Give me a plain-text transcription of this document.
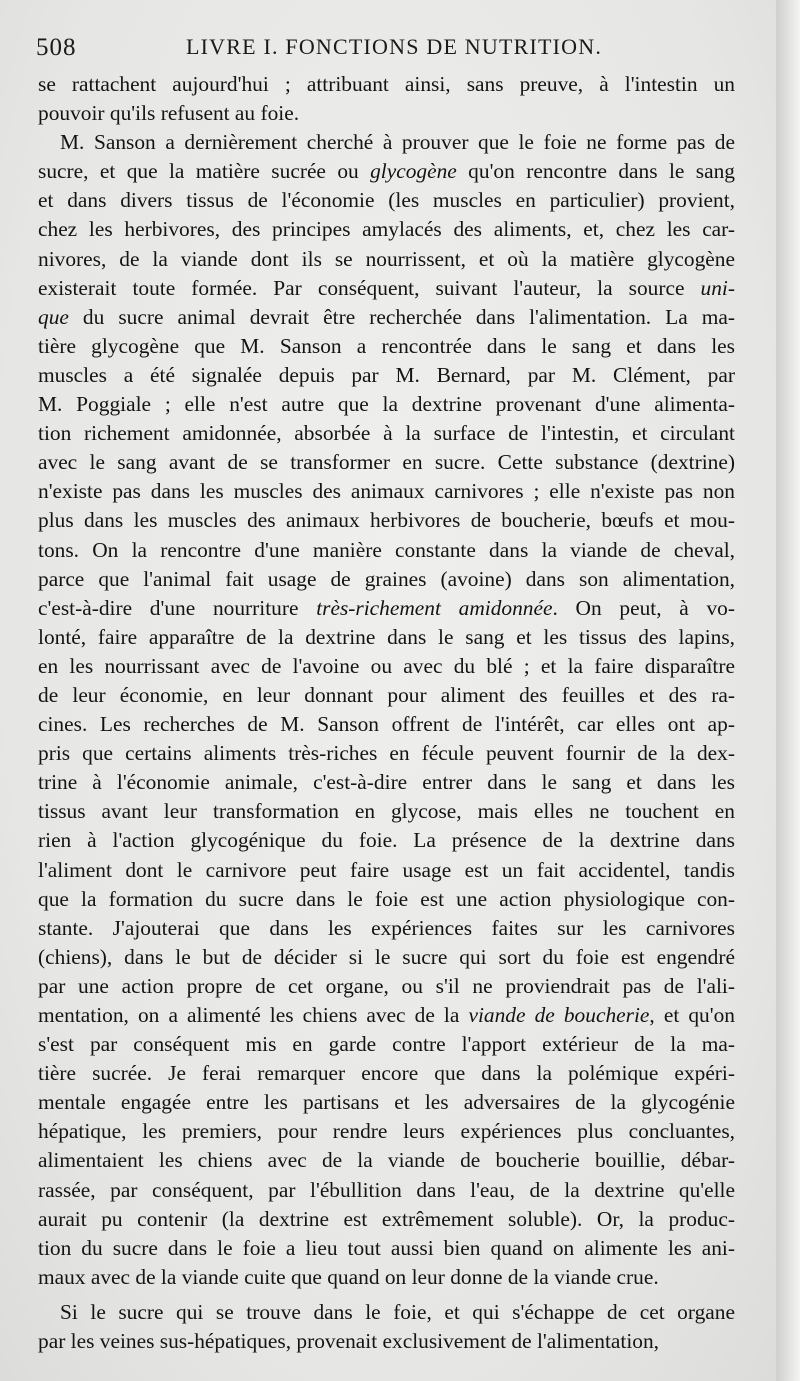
508	LIVRE I. FONCTIONS DE NUTRITION.
se rattachent aujourd'hui ; attribuant ainsi, sans preuve, à l'intestin un
pouvoir qu'ils refusent au foie.
M. Sanson a dernièrement cherché à prouver que le foie ne forme pas de
sucre, et que la matière sucrée ou glycogène qu'on rencontre dans le sang
et dans divers tissus de l'économie (les muscles en particulier) provient,
chez les herbivores, des principes amylacés des aliments, et, chez les car-
nivores, de la viande dont ils se nourrissent, et où la matière glycogène
existerait toute formée. Par conséquent, suivant l'auteur, la source uni-
que du sucre animal devrait être recherchée dans l'alimentation. La ma-
tière glycogène que M. Sanson a rencontrée dans le sang et dans les
muscles a été signalée depuis par M. Bernard, par M. Clément, par
M. Poggiale ; elle n'est autre que la dextrine provenant d'une alimenta-
tion richement amidonnée, absorbée à la surface de l'intestin, et circulant
avec le sang avant de se transformer en sucre. Cette substance (dextrine)
n'existe pas dans les muscles des animaux carnivores ; elle n'existe pas non
plus dans les muscles des animaux herbivores de boucherie, bœufs et mou-
tons. On la rencontre d'une manière constante dans la viande de cheval,
parce que l'animal fait usage de graines (avoine) dans son alimentation,
c'est-à-dire d'une nourriture très-richement amidonnée. On peut, à vo-
lonté, faire apparaître de la dextrine dans le sang et les tissus des lapins,
en les nourrissant avec de l'avoine ou avec du blé ; et la faire disparaître
de leur économie, en leur donnant pour aliment des feuilles et des ra-
cines. Les recherches de M. Sanson offrent de l'intérêt, car elles ont ap-
pris que certains aliments très-riches en fécule peuvent fournir de la dex-
trine à l'économie animale, c'est-à-dire entrer dans le sang et dans les
tissus avant leur transformation en glycose, mais elles ne touchent en
rien à l'action glycogénique du foie. La présence de la dextrine dans
l'aliment dont le carnivore peut faire usage est un fait accidentel, tandis
que la formation du sucre dans le foie est une action physiologique con-
stante. J'ajouterai que dans les expériences faites sur les carnivores
(chiens), dans le but de décider si le sucre qui sort du foie est engendré
par une action propre de cet organe, ou s'il ne proviendrait pas de l'ali-
mentation, on a alimenté les chiens avec de la viande de boucherie, et qu'on
s'est par conséquent mis en garde contre l'apport extérieur de la ma-
tière sucrée. Je ferai remarquer encore que dans la polémique expéri-
mentale engagée entre les partisans et les adversaires de la glycogénie
hépatique, les premiers, pour rendre leurs expériences plus concluantes,
alimentaient les chiens avec de la viande de boucherie bouillie, débar-
rassée, par conséquent, par l'ébullition dans l'eau, de la dextrine qu'elle
aurait pu contenir (la dextrine est extrêmement soluble). Or, la produc-
tion du sucre dans le foie a lieu tout aussi bien quand on alimente les ani-
maux avec de la viande cuite que quand on leur donne de la viande crue.
Si le sucre qui se trouve dans le foie, et qui s'échappe de cet organe
par les veines sus-hépatiques, provenait exclusivement de l'alimentation,
